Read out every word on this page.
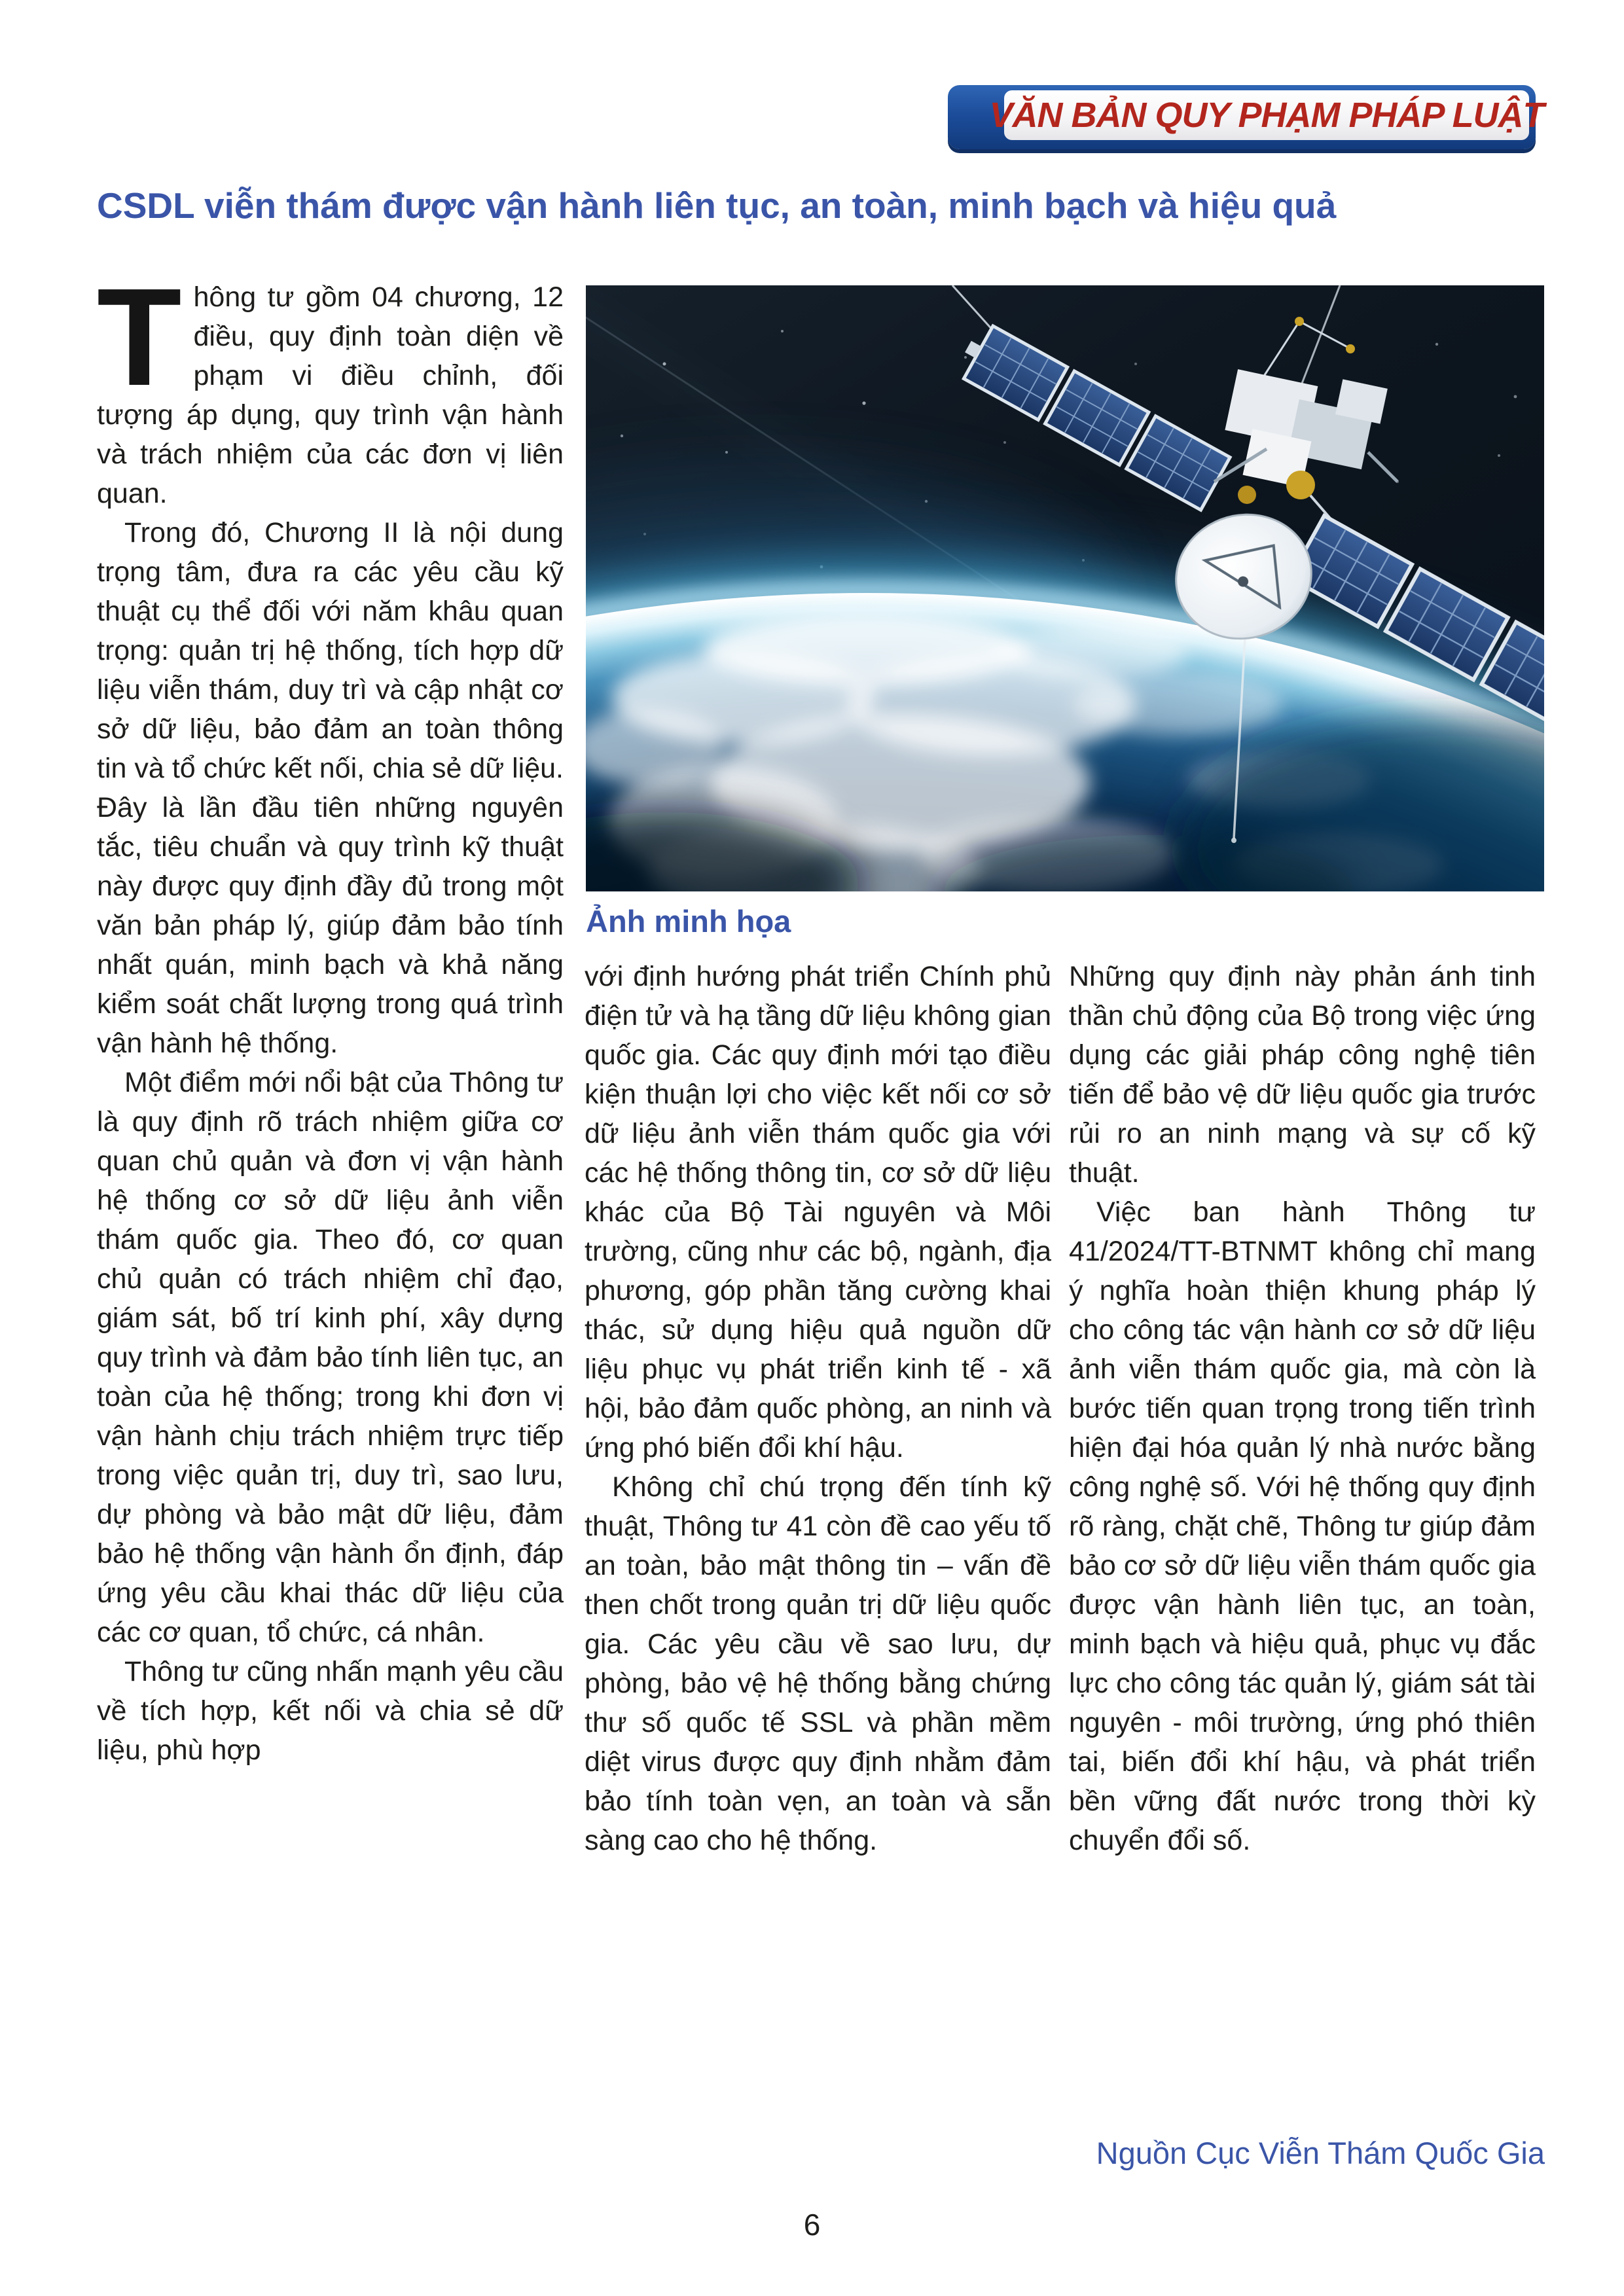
VĂN BẢN QUY PHẠM PHÁP LUẬT
CSDL viễn thám được vận hành liên tục, an toàn, minh bạch và hiệu quả
Ảnh minh họa

Thông tư gồm 04 chương, 12 điều, quy định toàn diện về phạm vi điều chỉnh, đối tượng áp dụng, quy trình vận hành và trách nhiệm của các đơn vị liên quan.

Trong đó, Chương II là nội dung trọng tâm, đưa ra các yêu cầu kỹ thuật cụ thể đối với năm khâu quan trọng: quản trị hệ thống, tích hợp dữ liệu viễn thám, duy trì và cập nhật cơ sở dữ liệu, bảo đảm an toàn thông tin và tổ chức kết nối, chia sẻ dữ liệu. Đây là lần đầu tiên những nguyên tắc, tiêu chuẩn và quy trình kỹ thuật này được quy định đầy đủ trong một văn bản pháp lý, giúp đảm bảo tính nhất quán, minh bạch và khả năng kiểm soát chất lượng trong quá trình vận hành hệ thống.

Một điểm mới nổi bật của Thông tư là quy định rõ trách nhiệm giữa cơ quan chủ quản và đơn vị vận hành hệ thống cơ sở dữ liệu ảnh viễn thám quốc gia. Theo đó, cơ quan chủ quản có trách nhiệm chỉ đạo, giám sát, bố trí kinh phí, xây dựng quy trình và đảm bảo tính liên tục, an toàn của hệ thống; trong khi đơn vị vận hành chịu trách nhiệm trực tiếp trong việc quản trị, duy trì, sao lưu, dự phòng và bảo mật dữ liệu, đảm bảo hệ thống vận hành ổn định, đáp ứng yêu cầu khai thác dữ liệu của các cơ quan, tổ chức, cá nhân.

Thông tư cũng nhấn mạnh yêu cầu về tích hợp, kết nối và chia sẻ dữ liệu, phù hợp

với định hướng phát triển Chính phủ điện tử và hạ tầng dữ liệu không gian quốc gia. Các quy định mới tạo điều kiện thuận lợi cho việc kết nối cơ sở dữ liệu ảnh viễn thám quốc gia với các hệ thống thông tin, cơ sở dữ liệu khác của Bộ Tài nguyên và Môi trường, cũng như các bộ, ngành, địa phương, góp phần tăng cường khai thác, sử dụng hiệu quả nguồn dữ liệu phục vụ phát triển kinh tế - xã hội, bảo đảm quốc phòng, an ninh và ứng phó biến đổi khí hậu.

Không chỉ chú trọng đến tính kỹ thuật, Thông tư 41 còn đề cao yếu tố an toàn, bảo mật thông tin – vấn đề then chốt trong quản trị dữ liệu quốc gia. Các yêu cầu về sao lưu, dự phòng, bảo vệ hệ thống bằng chứng thư số quốc tế SSL và phần mềm diệt virus được quy định nhằm đảm bảo tính toàn vẹn, an toàn và sẵn sàng cao cho hệ thống.

Những quy định này phản ánh tinh thần chủ động của Bộ trong việc ứng dụng các giải pháp công nghệ tiên tiến để bảo vệ dữ liệu quốc gia trước rủi ro an ninh mạng và sự cố kỹ thuật.

Việc ban hành Thông tư 41/2024/TT-BTNMT không chỉ mang ý nghĩa hoàn thiện khung pháp lý cho công tác vận hành cơ sở dữ liệu ảnh viễn thám quốc gia, mà còn là bước tiến quan trọng trong tiến trình hiện đại hóa quản lý nhà nước bằng công nghệ số. Với hệ thống quy định rõ ràng, chặt chẽ, Thông tư giúp đảm bảo cơ sở dữ liệu viễn thám quốc gia được vận hành liên tục, an toàn, minh bạch và hiệu quả, phục vụ đắc lực cho công tác quản lý, giám sát tài nguyên - môi trường, ứng phó thiên tai, biến đổi khí hậu, và phát triển bền vững đất nước trong thời kỳ chuyển đổi số.

Nguồn Cục Viễn Thám Quốc Gia
6
